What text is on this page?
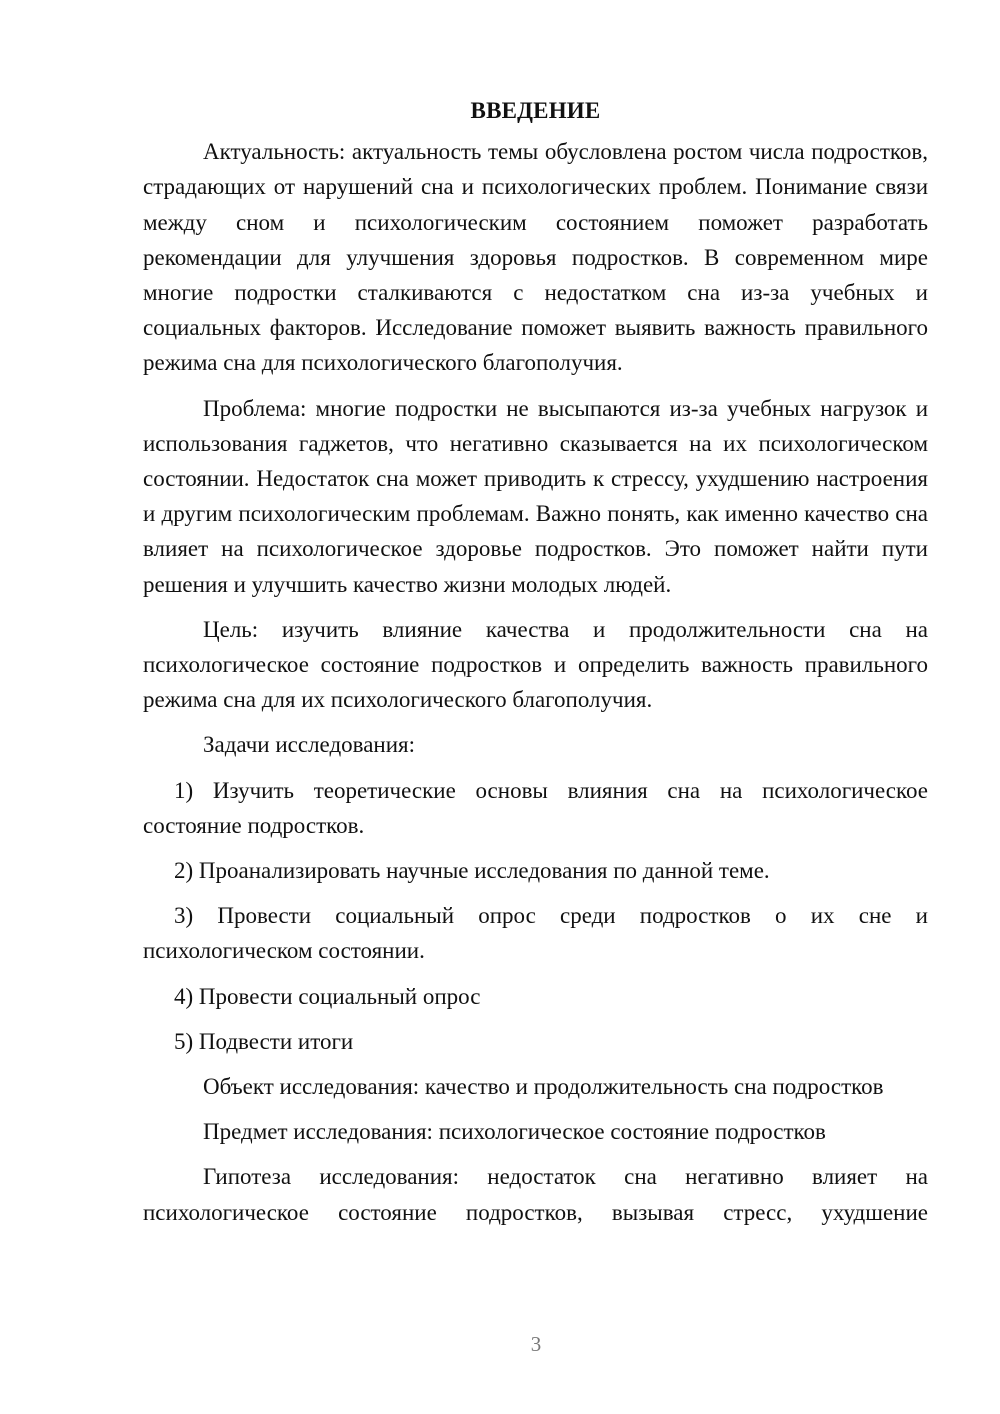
ВВЕДЕНИЕ

Актуальность: актуальность темы обусловлена ростом числа подростков, страдающих от нарушений сна и психологических проблем. Понимание связи между сном и психологическим состоянием поможет разработать рекомендации для улучшения здоровья подростков. В современном мире многие подростки сталкиваются с недостатком сна из-за учебных и социальных факторов. Исследование поможет выявить важность правильного режима сна для психологического благополучия.

Проблема: многие подростки не высыпаются из-за учебных нагрузок и использования гаджетов, что негативно сказывается на их психологическом состоянии. Недостаток сна может приводить к стрессу, ухудшению настроения и другим психологическим проблемам. Важно понять, как именно качество сна влияет на психологическое здоровье подростков. Это поможет найти пути решения и улучшить качество жизни молодых людей.

Цель: изучить влияние качества и продолжительности сна на психологическое состояние подростков и определить важность правильного режима сна для их психологического благополучия.

Задачи исследования:

1) Изучить теоретические основы влияния сна на психологическое состояние подростков.

2) Проанализировать научные исследования по данной теме.

3) Провести социальный опрос среди подростков о их сне и психологическом состоянии.

4) Провести социальный опрос

5) Подвести итоги

Объект исследования: качество и продолжительность сна подростков

Предмет исследования: психологическое состояние подростков

Гипотеза исследования: недостаток сна негативно влияет на психологическое состояние подростков, вызывая стресс, ухудшение

3
